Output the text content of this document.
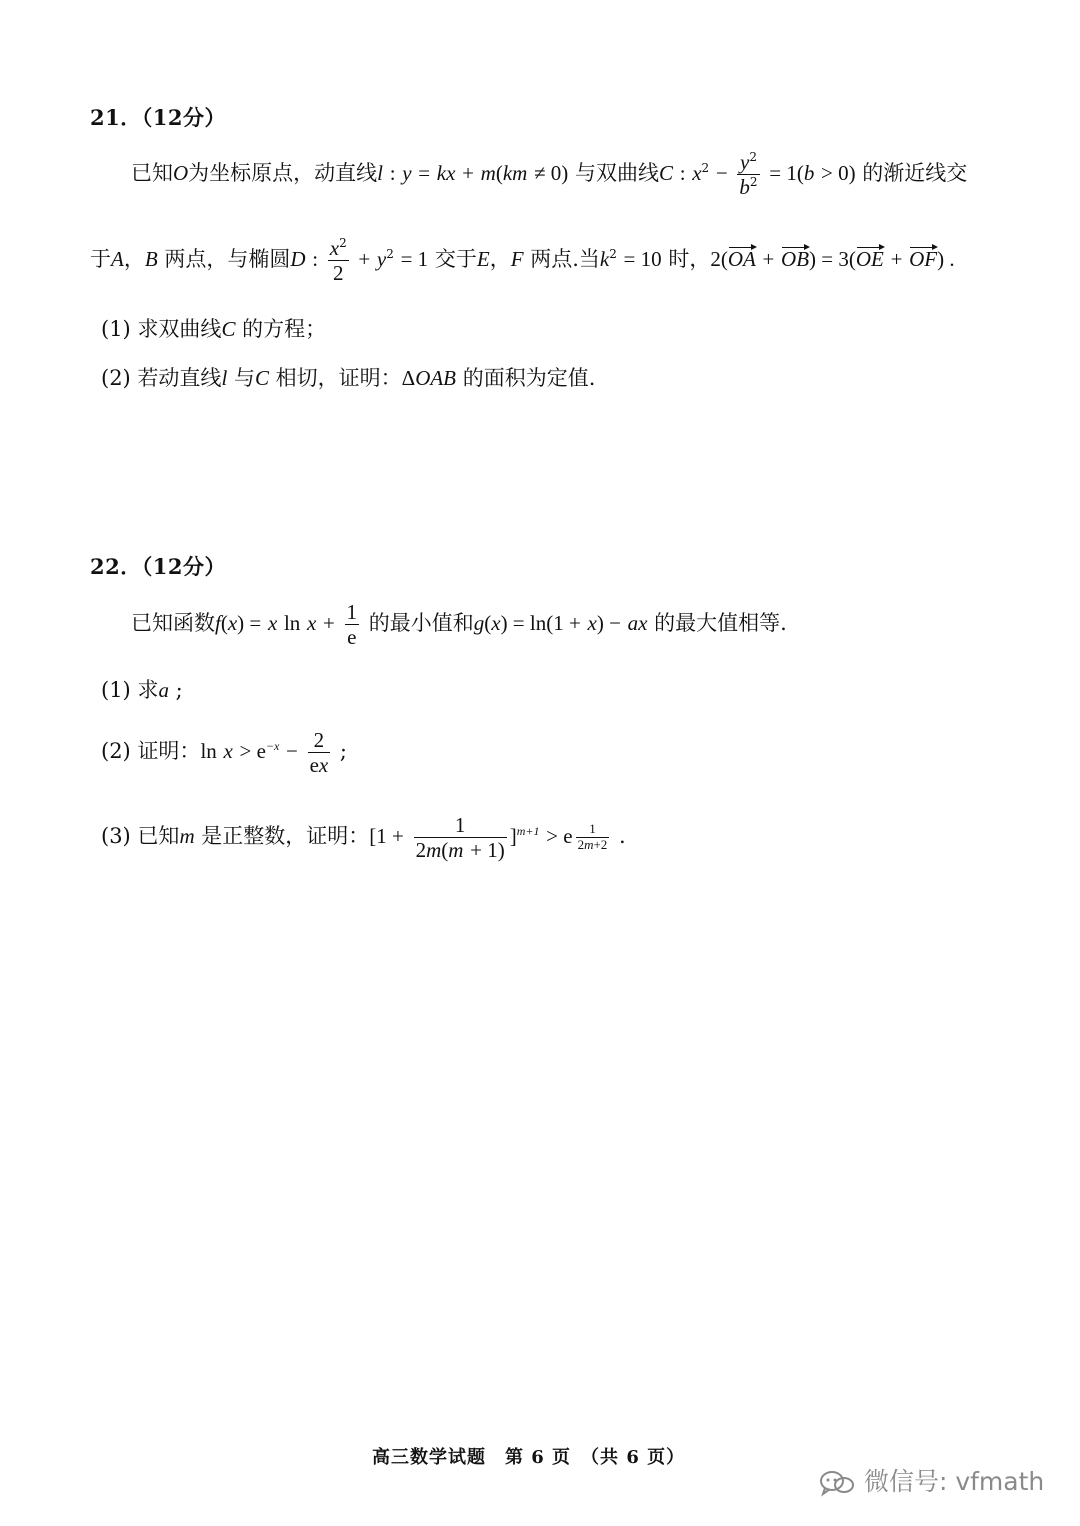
21．（12分）
已知O为坐标原点，动直线l : y = kx + m(km ≠ 0) 与双曲线C : $x^2 - \frac{y^2}{b^2} = 1(b > 0)$ 的渐近线交
于A，B 两点，与椭圆D : $\frac{x^2}{2} + y^2 = 1$ 交于E，F 两点.当$k^2 = 10$ 时，2(OA + OB) = 3(OE + OF) .
(1) 求双曲线C 的方程；
(2) 若动直线l 与C 相切，证明：ΔOAB 的面积为定值.
22．（12分）
已知函数f(x) = x $\ln x + \frac{1}{e}$ 的最小值和g(x) = ln(1 + x) − ax 的最大值相等.
(1) 求a ;
(2) 证明：$\ln x > e^{-x} - \frac{2}{ex}$ ;
(3) 已知m 是正整数，证明：$[1 + \frac{1}{2m(m + 1)} ]^{m+1} > e$ $^{\frac{1}{2m+2}}$ .
高三数学试题　第 6 页　（共 6 页）
微信号: vfmath
